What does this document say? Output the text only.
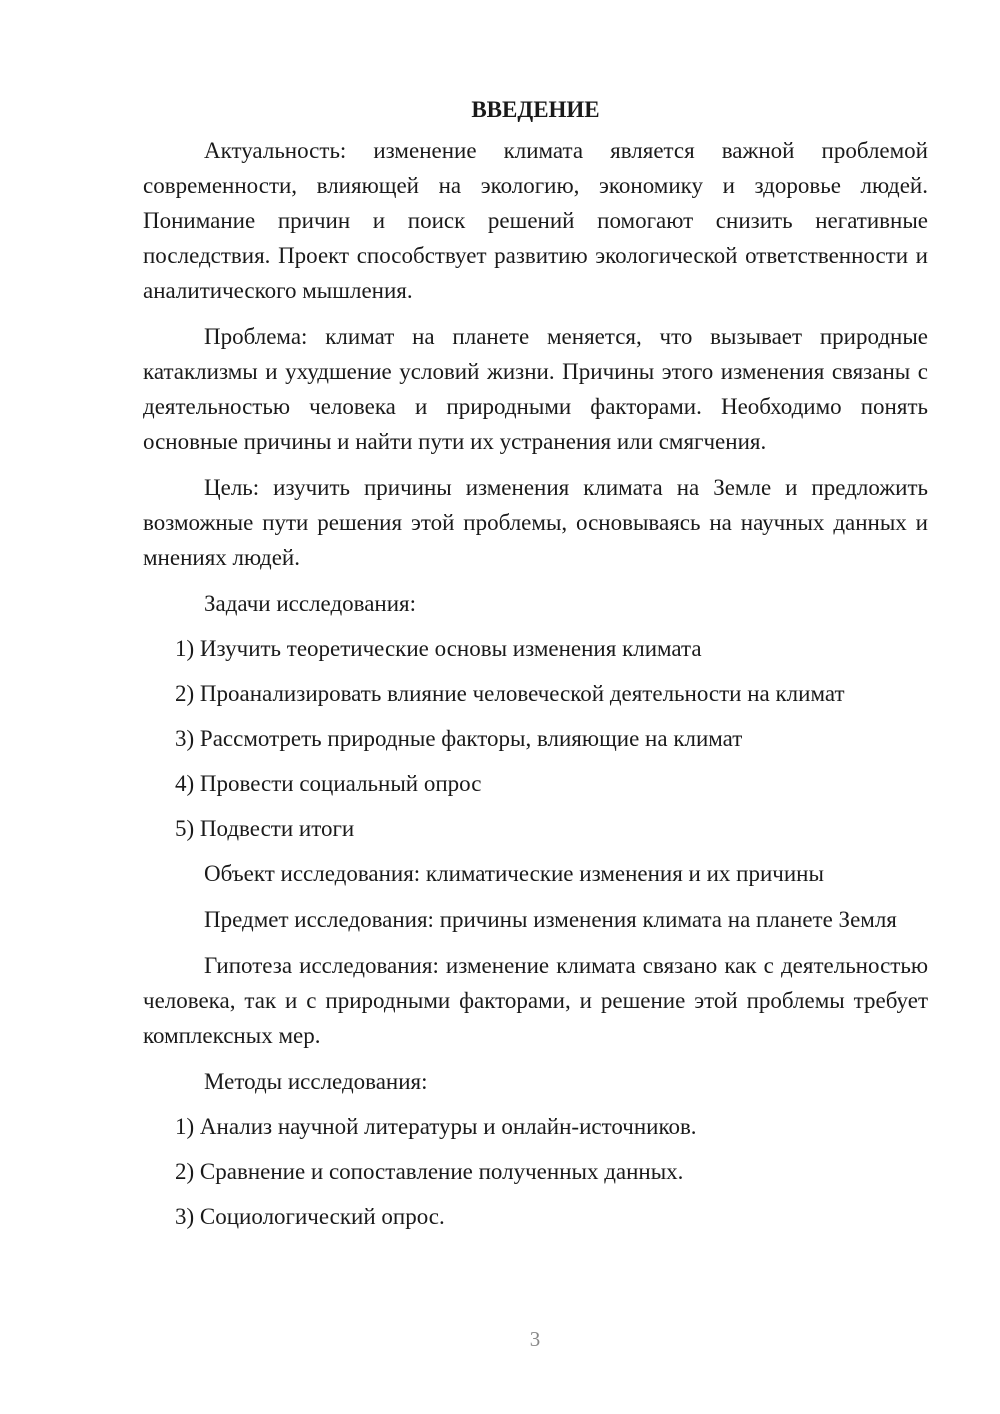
ВВЕДЕНИЕ

Актуальность: изменение климата является важной проблемой современности, влияющей на экологию, экономику и здоровье людей. Понимание причин и поиск решений помогают снизить негативные последствия. Проект способствует развитию экологической ответственности и аналитического мышления.

Проблема: климат на планете меняется, что вызывает природные катаклизмы и ухудшение условий жизни. Причины этого изменения связаны с деятельностью человека и природными факторами. Необходимо понять основные причины и найти пути их устранения или смягчения.

Цель: изучить причины изменения климата на Земле и предложить возможные пути решения этой проблемы, основываясь на научных данных и мнениях людей.

Задачи исследования:

1) Изучить теоретические основы изменения климата

2) Проанализировать влияние человеческой деятельности на климат

3) Рассмотреть природные факторы, влияющие на климат

4) Провести социальный опрос

5) Подвести итоги

Объект исследования: климатические изменения и их причины

Предмет исследования: причины изменения климата на планете Земля

Гипотеза исследования: изменение климата связано как с деятельностью человека, так и с природными факторами, и решение этой проблемы требует комплексных мер.

Методы исследования:

1) Анализ научной литературы и онлайн-источников.

2) Сравнение и сопоставление полученных данных.

3) Социологический опрос.

3
